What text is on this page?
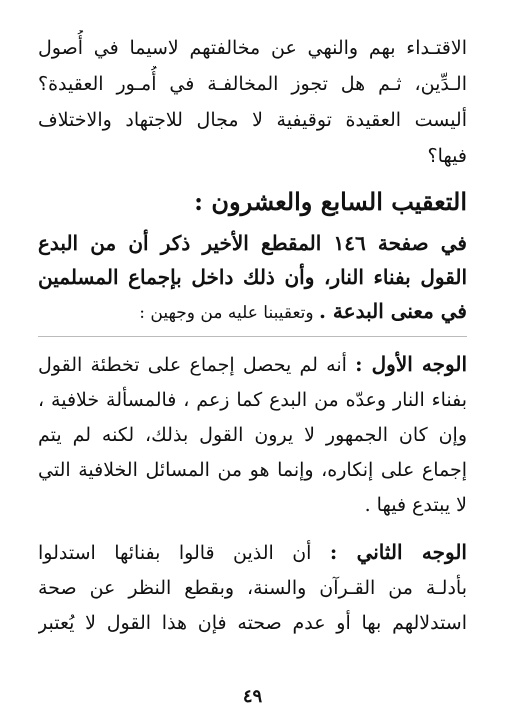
الاقتـداء بهم والنهي عن مخالفتهم لاسيما في أُصول
الـدِّين، ثـم هل تجوز المخالفـة في أُمـور العقيدة؟
أليست العقيدة توقيفية لا مجال للاجتهاد والاختلاف
فيها؟
التعقيب السابع والعشرون :
في صفحة ١٤٦ المقطع الأخير ذكر أن من البدع
القول بفناء النار، وأن ذلك داخل بإجماع المسلمين
في معنى البدعة . وتعقيبنا عليه من وجهين :
الوجه الأول : أنه لم يحصل إجماع على تخطئة القول
بفناء النار وعدّه من البدع كما زعم ، فالمسألة خلافية ،
وإن كان الجمهور لا يرون القول بذلك، لكنه لم يتم
إجماع على إنكاره، وإنما هو من المسائل الخلافية التي
لا يبتدع فيها .
الوجه الثاني : أن الذين قالوا بفنائها استدلوا
بأدلـة من القـرآن والسنة، وبقطع النظر عن صحة
استدلالهم بها أو عدم صحته فإن هذا القول لا يُعتبر
٤٩
